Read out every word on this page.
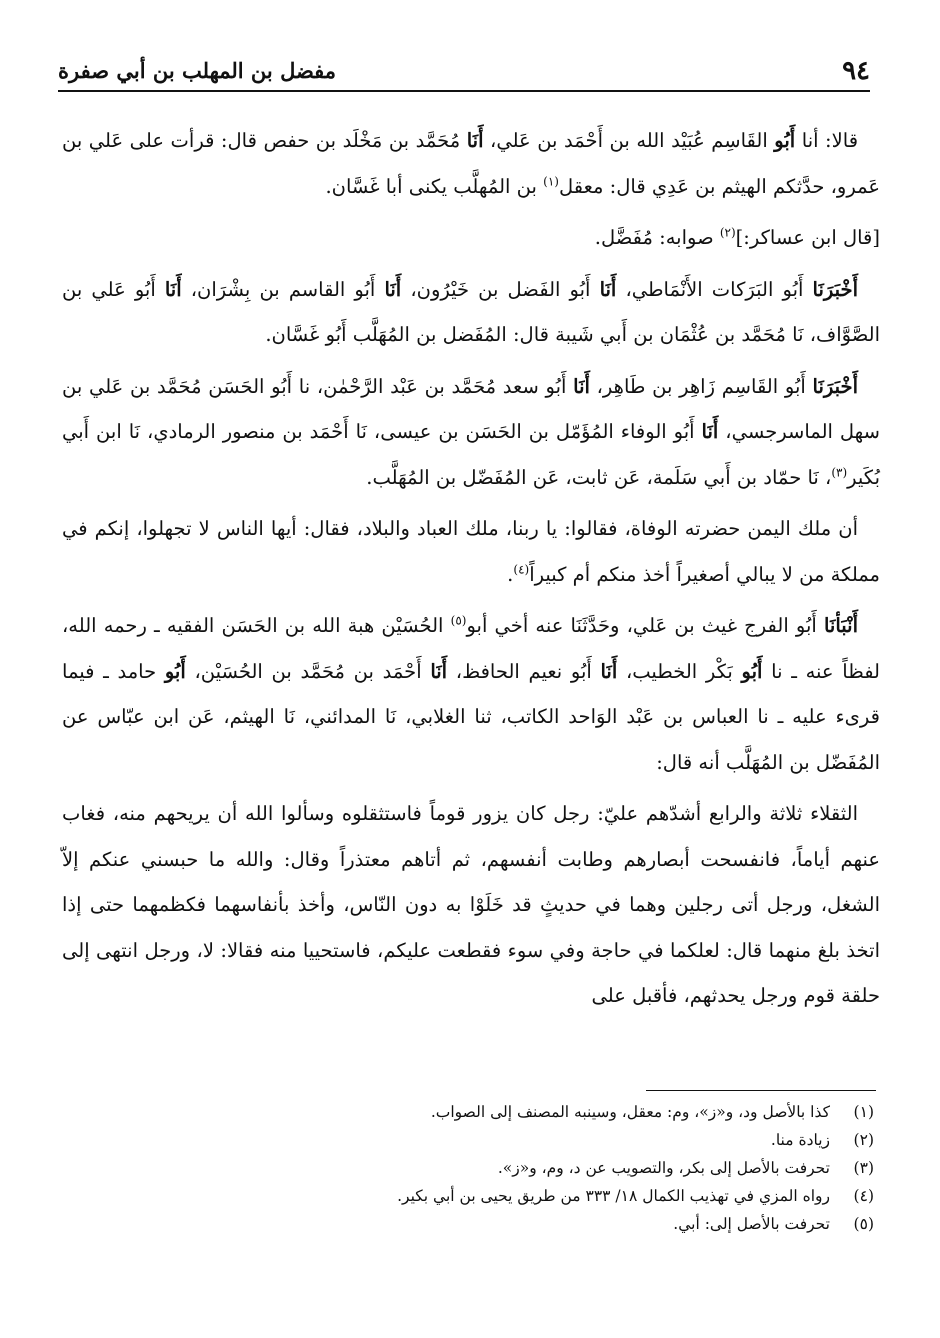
٩٤
مفضل بن المهلب بن أبي صفرة

قالا: أنا أَبُو القَاسِم عُبَيْد الله بن أَحْمَد بن عَلي، أَنَا مُحَمَّد بن مَخْلَد بن حفص قال: قرأت على عَلي بن عَمرو، حدَّثكم الهيثم بن عَدِي قال: معقل$^{(١)}$ بن المُهلَّب يكنى أبا غَسَّان.

[قال ابن عساكر:]$^{(٢)}$ صوابه: مُفَضَّل.

أَخْبَرَنَا أَبُو البَرَكات الأَنْمَاطي، أَنَا أَبُو الفَضل بن خَيْرُون، أَنَا أَبُو القاسم بن بِشْرَان، أَنَا أَبُو عَلي بن الصَّوَّاف، نَا مُحَمَّد بن عُثْمَان بن أَبي شَيبة قال: المُفَضل بن المُهَلَّب أَبُو غَسَّان.

أَخْبَرَنَا أَبُو القَاسِم زَاهِر بن طَاهِر، أَنَا أَبُو سعد مُحَمَّد بن عَبْد الرَّحْمٰن، نا أَبُو الحَسَن مُحَمَّد بن عَلي بن سهل الماسرجسي، أَنَا أَبُو الوفاء المُؤَمّل بن الحَسَن بن عيسى، نَا أَحْمَد بن منصور الرمادي، نَا ابن أَبي بُكَير$^{(٣)}$، نَا حمّاد بن أَبي سَلَمة، عَن ثابت، عَن المُفَضّل بن المُهَلَّب.

أن ملك اليمن حضرته الوفاة، فقالوا: يا ربنا، ملك العباد والبلاد، فقال: أيها الناس لا تجهلوا، إنكم في مملكة من لا يبالي أصغيراً أخذ منكم أم كبيراً$^{(٤)}$.

أَنْبَأنَا أَبُو الفرج غيث بن عَلي، وحَدَّثَنَا عنه أخي أبو$^{(٥)}$ الحُسَيْن هبة الله بن الحَسَن الفقيه ـ رحمه الله، لفظاً عنه ـ نا أَبُو بَكْر الخطيب، أَنَا أَبُو نعيم الحافظ، أَنَا أَحْمَد بن مُحَمَّد بن الحُسَيْن، أَبُو حامد ـ فيما قرىء عليه ـ نا العباس بن عَبْد الوَاحد الكاتب، ثنا الغلابي، نَا المدائني، نَا الهيثم، عَن ابن عبّاس عن المُفَضّل بن المُهَلَّب أنه قال:

الثقلاء ثلاثة والرابع أشدّهم عليّ: رجل كان يزور قوماً فاستثقلوه وسألوا الله أن يريحهم منه، فغاب عنهم أياماً، فانفسحت أبصارهم وطابت أنفسهم، ثم أتاهم معتذراً وقال: والله ما حبسني عنكم إلاّ الشغل، ورجل أتى رجلين وهما في حديثٍ قد خَلَوْا به دون النّاس، وأخذ بأنفاسهما فكظمهما حتى إذا اتخذ بلغ منهما قال: لعلكما في حاجة وفي سوء فقطعت عليكم، فاستحييا منه فقالا: لا، ورجل انتهى إلى حلقة قوم ورجل يحدثهم، فأقبل على

(١)
كذا بالأصل ود، و«ز»، وم: معقل، وسينبه المصنف إلى الصواب.
(٢)
زيادة منا.
(٣)
تحرفت بالأصل إلى بكر، والتصويب عن د، وم، و«ز».
(٤)
رواه المزي في تهذيب الكمال ١٨/ ٣٣٣ من طريق يحيى بن أبي بكير.
(٥)
تحرفت بالأصل إلى: أبي.
